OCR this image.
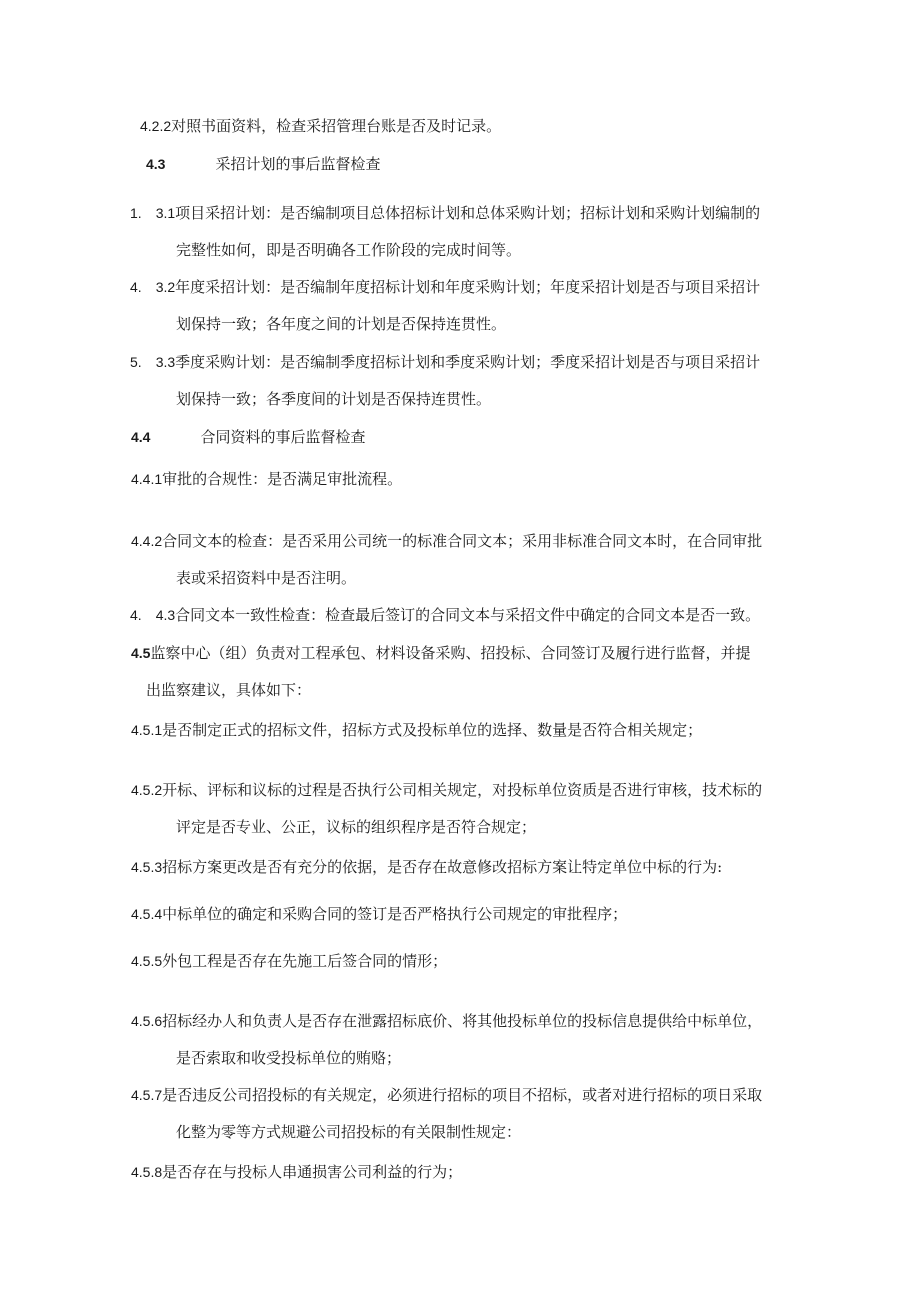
4.2.2对照书面资料，检查采招管理台账是否及时记录。
4.3	采招计划的事后监督检查
1. 3.1项目采招计划：是否编制项目总体招标计划和总体采购计划；招标计划和采购计划编制的
完整性如何，即是否明确各工作阶段的完成时间等。
4. 3.2年度采招计划：是否编制年度招标计划和年度采购计划；年度采招计划是否与项目采招计
划保持一致；各年度之间的计划是否保持连贯性。
5. 3.3季度采购计划：是否编制季度招标计划和季度采购计划；季度采招计划是否与项目采招计
划保持一致；各季度间的计划是否保持连贯性。
4.4	合同资料的事后监督检查
4.4.1审批的合规性：是否满足审批流程。
4.4.2合同文本的检查：是否采用公司统一的标准合同文本；采用非标准合同文本时，在合同审批
表或采招资料中是否注明。
4. 4.3合同文本一致性检查：检查最后签订的合同文本与采招文件中确定的合同文本是否一致。
4.5监察中心（组）负责对工程承包、材料设备采购、招投标、合同签订及履行进行监督，并提
出监察建议，具体如下：
4.5.1是否制定正式的招标文件，招标方式及投标单位的选择、数量是否符合相关规定；
4.5.2开标、评标和议标的过程是否执行公司相关规定，对投标单位资质是否进行审核，技术标的
评定是否专业、公正，议标的组织程序是否符合规定；
4.5.3招标方案更改是否有充分的依据，是否存在故意修改招标方案让特定单位中标的行为:
4.5.4中标单位的确定和采购合同的签订是否严格执行公司规定的审批程序；
4.5.5外包工程是否存在先施工后签合同的情形；
4.5.6招标经办人和负责人是否存在泄露招标底价、将其他投标单位的投标信息提供给中标单位，
是否索取和收受投标单位的贿赂；
4.5.7是否违反公司招投标的有关规定，必须进行招标的项目不招标，或者对进行招标的项日采取
化整为零等方式规避公司招投标的有关限制性规定：
4.5.8是否存在与投标人串通损害公司利益的行为；
